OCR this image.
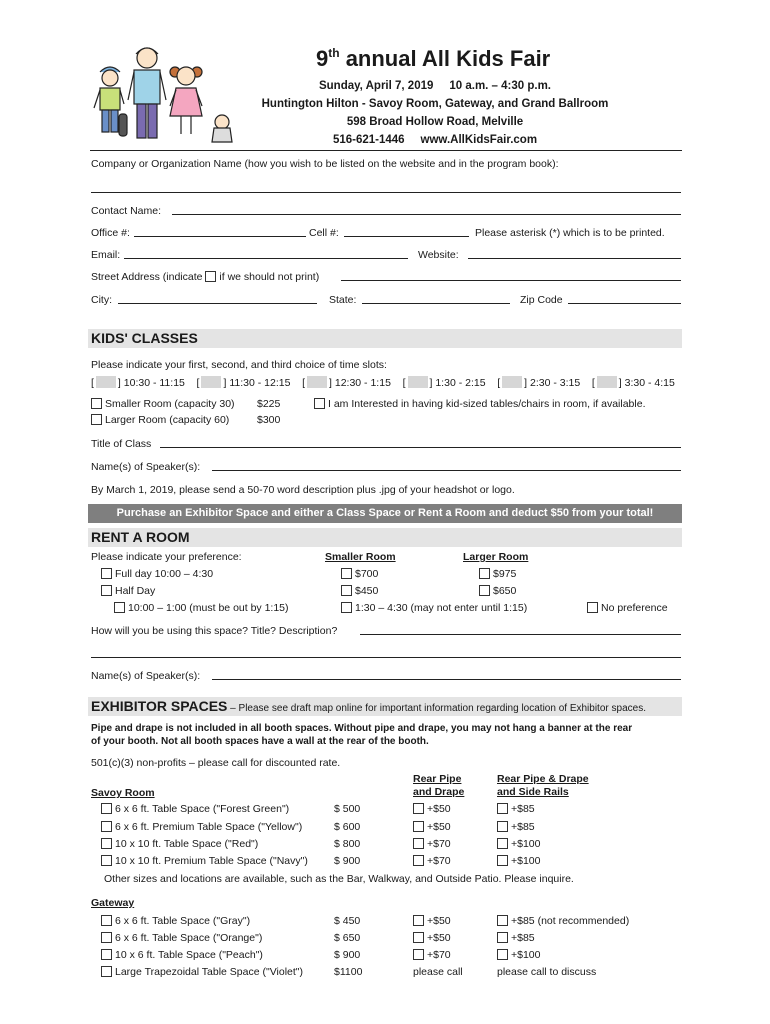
9th annual All Kids Fair
Sunday, April 7, 2019     10 a.m. – 4:30 p.m.
Huntington Hilton - Savoy Room, Gateway, and Grand Ballroom
598 Broad Hollow Road, Melville
516-621-1446     www.AllKidsFair.com
Company or Organization Name (how you wish to be listed on the website and in the program book):
Contact Name:
Office #:	Cell #:	Please asterisk (*) which is to be printed.
Email:	Website:
Street Address (indicate if we should not print)
City:	State:	Zip Code
KIDS' CLASSES
Please indicate your first, second, and third choice of time slots:
[ ] 10:30 - 11:15    [ ] 11:30 - 12:15    [ ] 12:30 - 1:15    [ ] 1:30 - 2:15    [ ] 2:30 - 3:15    [ ] 3:30 - 4:15
Smaller Room (capacity 30) $225
Larger Room (capacity 60)	$300
I am Interested in having kid-sized tables/chairs in room, if available.
Title of Class
Name(s) of Speaker(s):
By March 1, 2019, please send a 50-70 word description plus .jpg of your headshot or logo.
Purchase an Exhibitor Space and either a Class Space or Rent a Room and deduct $50 from your total!
RENT A ROOM
Please indicate your preference:	Smaller Room	Larger Room
Full day 10:00 – 4:30	$700	$975
Half Day	$450	$650
10:00 – 1:00 (must be out by 1:15)	1:30 – 4:30 (may not enter until 1:15)	No preference
How will you be using this space? Title? Description?
Name(s) of Speaker(s):
EXHIBITOR SPACES – Please see draft map online for important information regarding location of Exhibitor spaces.
Pipe and drape is not included in all booth spaces. Without pipe and drape, you may not hang a banner at the rear
of your booth. Not all booth spaces have a wall at the rear of the booth.
501(c)(3) non-profits – please call for discounted rate.
Rear Pipe
and Drape
Rear Pipe & Drape
and Side Rails
Savoy Room
6 x 6 ft. Table Space ("Forest Green")	$ 500	+$50	+$85
6 x 6 ft. Premium Table Space ("Yellow")	$ 600	+$50	+$85
10 x 10 ft. Table Space ("Red")	$ 800	+$70	+$100
10 x 10 ft. Premium Table Space ("Navy") $ 900	+$70	+$100
Other sizes and locations are available, such as the Bar, Walkway, and Outside Patio. Please inquire.
Gateway
6 x 6 ft. Table Space ("Gray")	$ 450	+$50	+$85 (not recommended)
6 x 6 ft. Table Space ("Orange")	$ 650	+$50	+$85
10 x 6 ft. Table Space ("Peach")	$ 900	+$70	+$100
Large Trapezoidal Table Space ("Violet")	$1100	please call	please call to discuss
